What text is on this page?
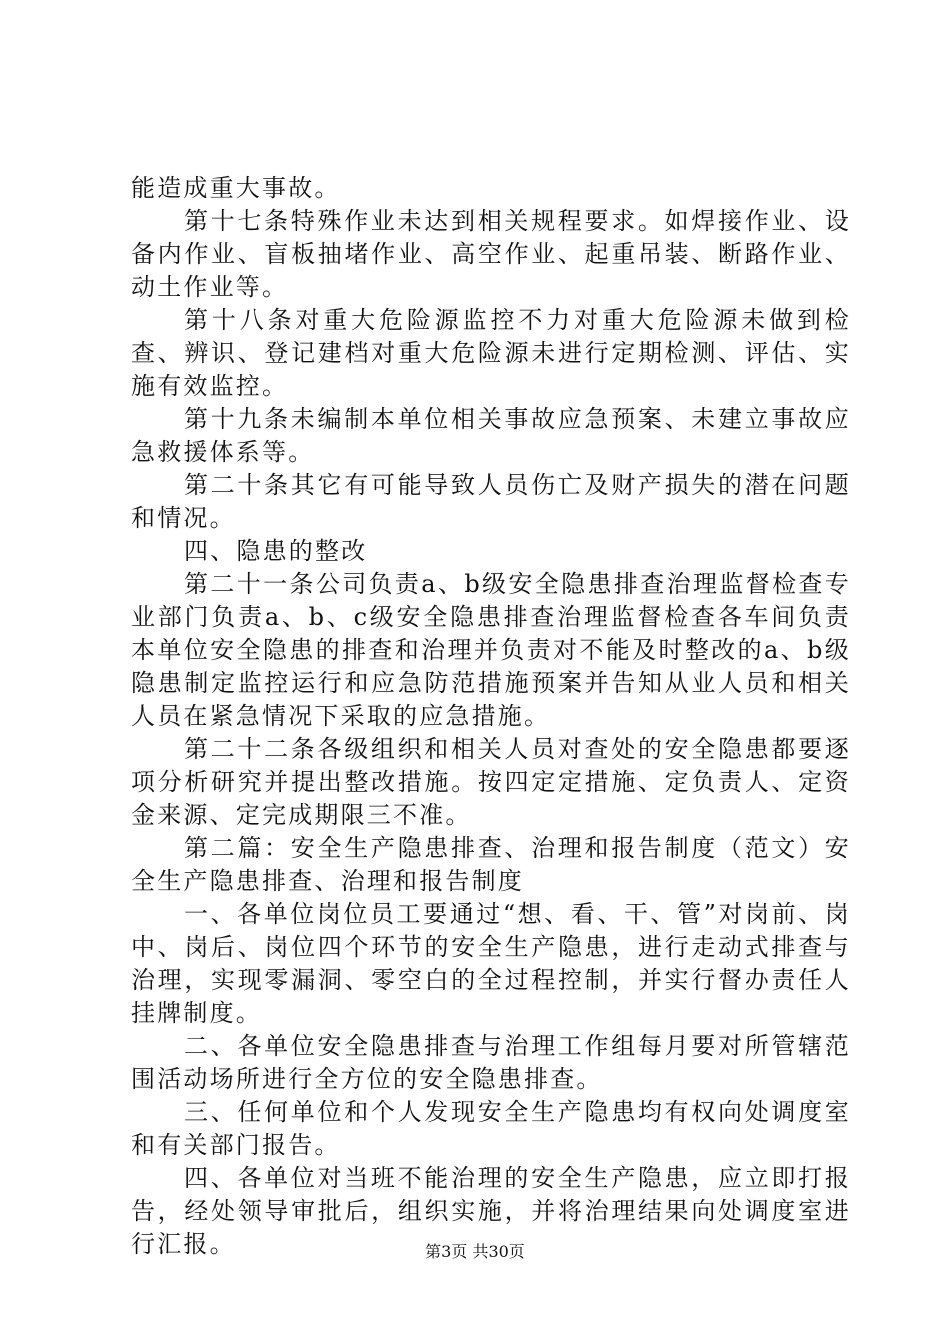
能造成重大事故。

第十七条特殊作业未达到相关规程要求。如焊接作业、设备内作业、盲板抽堵作业、高空作业、起重吊装、断路作业、动土作业等。

第十八条对重大危险源监控不力对重大危险源未做到检查、辨识、登记建档对重大危险源未进行定期检测、评估、实施有效监控。

第十九条未编制本单位相关事故应急预案、未建立事故应急救援体系等。

第二十条其它有可能导致人员伤亡及财产损失的潜在问题和情况。

四、隐患的整改

第二十一条公司负责a、b级安全隐患排查治理监督检查专业部门负责a、b、c级安全隐患排查治理监督检查各车间负责本单位安全隐患的排查和治理并负责对不能及时整改的a、b级隐患制定监控运行和应急防范措施预案并告知从业人员和相关人员在紧急情况下采取的应急措施。

第二十二条各级组织和相关人员对查处的安全隐患都要逐项分析研究并提出整改措施。按四定定措施、定负责人、定资金来源、定完成期限三不准。

第二篇：安全生产隐患排查、治理和报告制度（范文）安全生产隐患排查、治理和报告制度

一、各单位岗位员工要通过“想、看、干、管”对岗前、岗中、岗后、岗位四个环节的安全生产隐患，进行走动式排查与治理，实现零漏洞、零空白的全过程控制，并实行督办责任人挂牌制度。

二、各单位安全隐患排查与治理工作组每月要对所管辖范围活动场所进行全方位的安全隐患排查。

三、任何单位和个人发现安全生产隐患均有权向处调度室和有关部门报告。

四、各单位对当班不能治理的安全生产隐患，应立即打报告，经处领导审批后，组织实施，并将治理结果向处调度室进行汇报。	第3页 共30页
